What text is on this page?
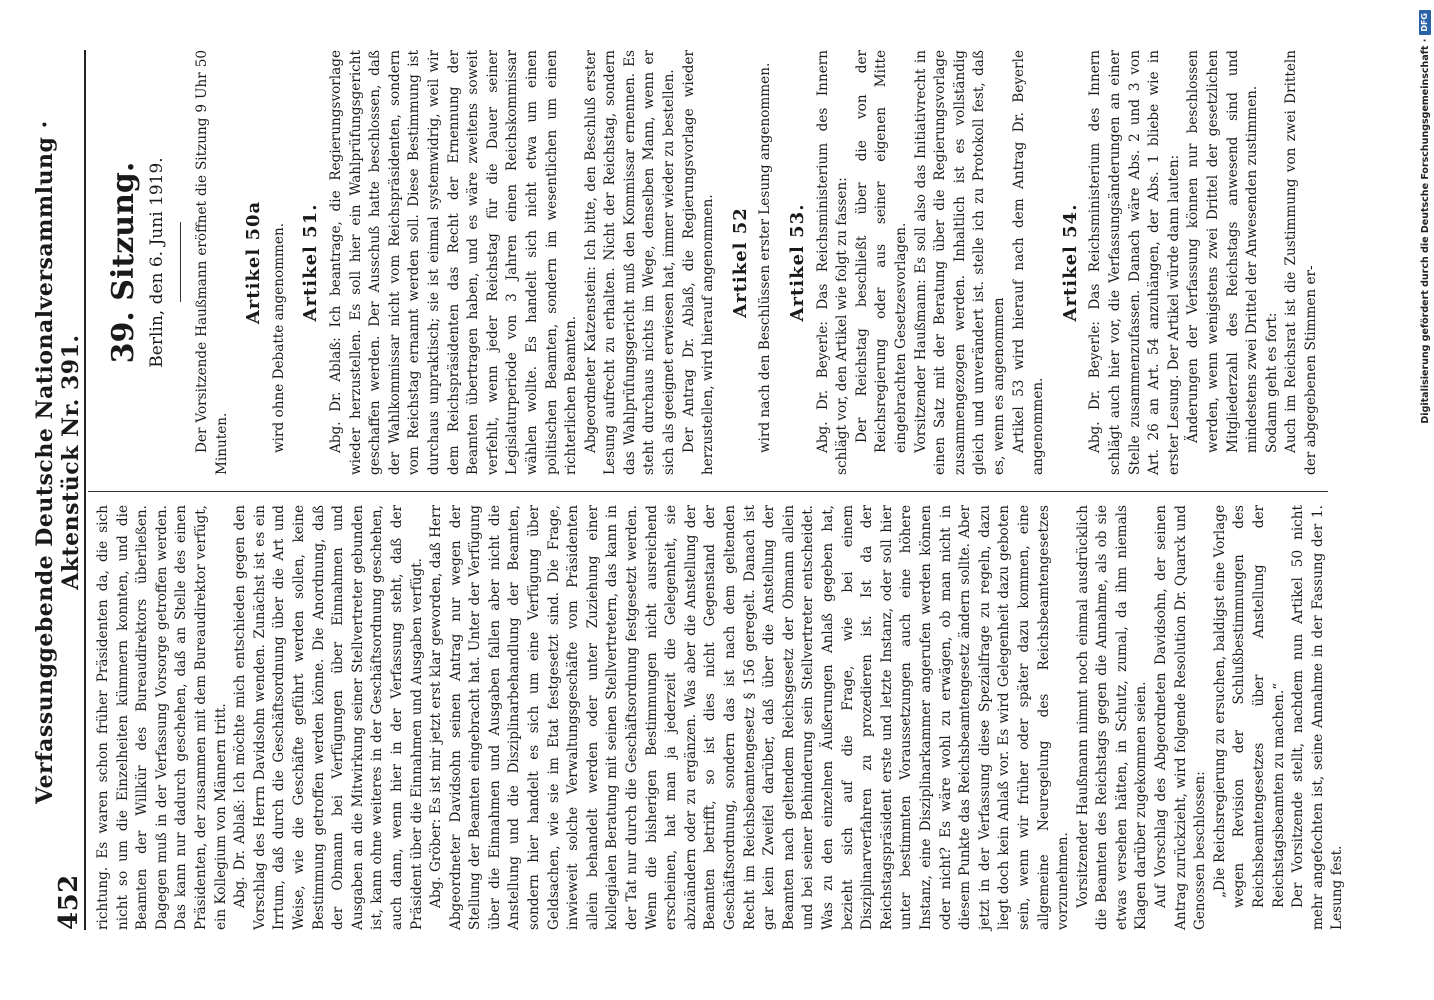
452
Verfassunggebende Deutsche Nationalversammlung · Aktenstück Nr. 391.

richtung. Es waren schon früher Präsidenten da, die sich nicht so um die Einzelheiten kümmern konnten, und die Beamten der Willkür des Bureaudirektors überließen. Dagegen muß in der Verfassung Vorsorge getroffen werden. Das kann nur dadurch geschehen, daß an Stelle des einen Präsidenten, der zusammen mit dem Bureaudirektor verfügt, ein Kollegium von Männern tritt. Abg. Dr. Ablaß: Ich möchte mich entschieden gegen den Vorschlag des Herrn Davidsohn wenden. Zunächst ist es ein Irrtum, daß durch die Geschäftsordnung über die Art und Weise, wie die Geschäfte geführt werden sollen, keine Bestimmung getroffen werden könne. Die Anordnung, daß der Obmann bei Verfügungen über Einnahmen und Ausgaben an die Mitwirkung seiner Stellvertreter gebunden ist, kann ohne weiteres in der Geschäftsordnung geschehen, auch dann, wenn hier in der Verfassung steht, daß der Präsident über die Einnahmen und Ausgaben verfügt. Abg. Gröber: Es ist mir jetzt erst klar geworden, daß Herr Abgeordneter Davidsohn seinen Antrag nur wegen der Stellung der Beamten eingebracht hat. Unter der Verfügung über die Einnahmen und Ausgaben fallen aber nicht die Anstellung und die Disziplinarbehandlung der Beamten, sondern hier handelt es sich um eine Verfügung über Geldsachen, wie sie im Etat festgesetzt sind. Die Frage, inwieweit solche Verwaltungsgeschäfte vom Präsidenten allein behandelt werden oder unter Zuziehung einer kollegialen Beratung mit seinen Stellvertretern, das kann in der Tat nur durch die Geschäftsordnung festgesetzt werden. Wenn die bisherigen Bestimmungen nicht ausreichend erscheinen, hat man ja jederzeit die Gelegenheit, sie abzuändern oder zu ergänzen. Was aber die Anstellung der Beamten betrifft, so ist dies nicht Gegenstand der Geschäftsordnung, sondern das ist nach dem geltenden Recht im Reichsbeamtengesetz § 156 geregelt. Danach ist gar kein Zweifel darüber, daß über die Anstellung der Beamten nach geltendem Reichsgesetz der Obmann allein und bei seiner Behinderung sein Stellvertreter entscheidet. Was zu den einzelnen Äußerungen Anlaß gegeben hat, bezieht sich auf die Frage, wie bei einem Disziplinarverfahren zu prozedieren ist. Ist da der Reichstagspräsident erste und letzte Instanz, oder soll hier unter bestimmten Voraussetzungen auch eine höhere Instanz, eine Disziplinarkammer angerufen werden können oder nicht? Es wäre wohl zu erwägen, ob man nicht in diesem Punkte das Reichsbeamtengesetz ändern sollte. Aber jetzt in der Verfassung diese Spezialfrage zu regeln, dazu liegt doch kein Anlaß vor. Es wird Gelegenheit dazu geboten sein, wenn wir früher oder später dazu kommen, eine allgemeine Neuregelung des Reichsbeamtengesetzes vorzunehmen. Vorsitzender Haußmann nimmt noch einmal ausdrücklich die Beamten des Reichstags gegen die Annahme, als ob sie etwas versehen hätten, in Schutz, zumal, da ihm niemals Klagen darüber zugekommen seien. Auf Vorschlag des Abgeordneten Davidsohn, der seinen Antrag zurückzieht, wird folgende Resolution Dr. Quarck und Genossen beschlossen: „Die Reichsregierung zu ersuchen, baldigst eine Vorlage wegen Revision der Schlußbestimmungen des Reichsbeamtengesetzes über Anstellung der Reichstagsbeamten zu machen.“ Der Vorsitzende stellt, nachdem nun Artikel 50 nicht mehr angefochten ist, seine Annahme in der Fassung der 1. Lesung fest.

39. Sitzung. Berlin, den 6. Juni 1919. Der Vorsitzende Haußmann eröffnet die Sitzung 9 Uhr 50 Minuten.

Artikel 50a wird ohne Debatte angenommen. Artikel 51. Abg. Dr. Ablaß: Ich beantrage, die Regierungsvorlage wieder herzustellen. Es soll hier ein Wahlprüfungsgericht geschaffen werden. Der Ausschuß hatte beschlossen, daß der Wahlkommissar nicht vom Reichspräsidenten, sondern vom Reichstag ernannt werden soll. Diese Bestimmung ist durchaus unpraktisch; sie ist einmal systemwidrig, weil wir dem Reichspräsidenten das Recht der Ernennung der Beamten übertragen haben, und es wäre zweitens soweit verfehlt, wenn jeder Reichstag für die Dauer seiner Legislaturperiode von 3 Jahren einen Reichskommissar wählen wollte. Es handelt sich nicht etwa um einen politischen Beamten, sondern im wesentlichen um einen richterlichen Beamten. Abgeordneter Katzenstein: Ich bitte, den Beschluß erster Lesung aufrecht zu erhalten. Nicht der Reichstag, sondern das Wahlprüfungsgericht muß den Kommissar ernennen. Es steht durchaus nichts im Wege, denselben Mann, wenn er sich als geeignet erwiesen hat, immer wieder zu bestellen. Der Antrag Dr. Ablaß, die Regierungsvorlage wieder herzustellen, wird hierauf angenommen. Artikel 52 wird nach den Beschlüssen erster Lesung angenommen. Artikel 53. Abg. Dr. Beyerle: Das Reichsministerium des Innern schlägt vor, den Artikel wie folgt zu fassen: Der Reichstag beschließt über die von der Reichsregierung oder aus seiner eigenen Mitte eingebrachten Gesetzesvorlagen. Vorsitzender Haußmann: Es soll also das Initiativrecht in einen Satz mit der Beratung über die Regierungsvorlage zusammengezogen werden. Inhaltlich ist es vollständig gleich und unverändert ist. stelle ich zu Protokoll fest, daß es, wenn es angenommen Artikel 53 wird hierauf nach dem Antrag Dr. Beyerle angenommen.

Artikel 54. Abg. Dr. Beyerle: Das Reichsministerium des Innern schlägt auch hier vor, die Verfassungsänderungen an einer Stelle zusammenzufassen. Danach wäre Abs. 2 und 3 von Art. 26 an Art. 54 anzuhängen, der Abs. 1 bliebe wie in erster Lesung. Der Artikel würde dann lauten: Änderungen der Verfassung können nur beschlossen werden, wenn wenigstens zwei Drittel der gesetzlichen Mitgliederzahl des Reichstags anwesend sind und mindestens zwei Drittel der Anwesenden zustimmen. Sodann geht es fort: Auch im Reichsrat ist die Zustimmung von zwei Dritteln der abgegebenen Stimmen er-	Digitalisierung gefördert durch die Deutsche Forschungsgemeinschaft ·
DFG
